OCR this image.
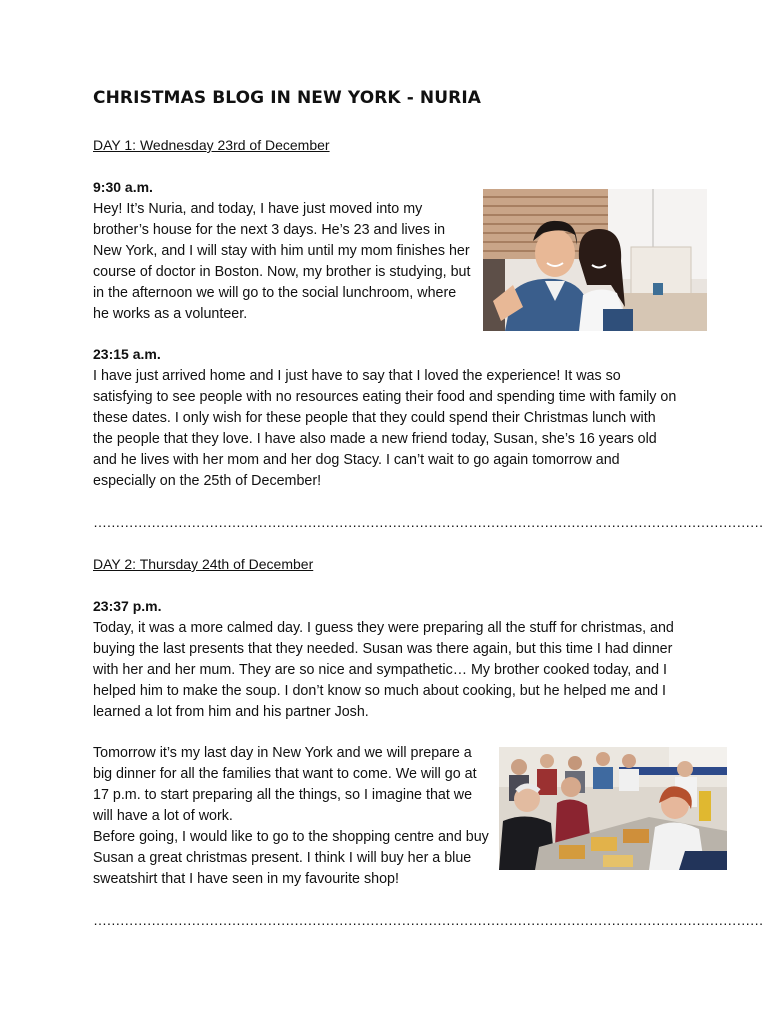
CHRISTMAS BLOG IN NEW YORK - NURIA
DAY 1: Wednesday 23rd of December
9:30 a.m.

Hey! It’s Nuria, and today, I have just moved into my brother’s house for the next 3 days. He’s 23 and lives in New York, and I will stay with him until my mom finishes her course of doctor in Boston. Now, my brother is studying, but in the afternoon we will go to the social lunchroom, where he works as a volunteer.

23:15 a.m.

I have just arrived home and I just have to say that I loved the experience! It was so satisfying to see people with no resources eating their food and spending time with family on these dates. I only wish for these people that they could spend their Christmas lunch with the people that they love. I have also made a new friend today, Susan, she’s 16 years old and he lives with her mom and her dog Stacy. I can’t wait to go again tomorrow and especially on the 25th of December!

……………………………………………………………………………………………………………………………………
DAY 2: Thursday 24th of December
23:37 p.m.

Today, it was a more calmed day. I guess they were preparing all the stuff for christmas, and buying the last presents that they needed. Susan was there again, but this time I had dinner with her and her mum. They are so nice and sympathetic… My brother cooked today, and I helped him to make the soup. I don’t know so much about cooking, but he helped me and I learned a lot from him and his partner Josh.

Tomorrow it’s my last day in New York and we will prepare a big dinner for all the families that want to come. We will go at 17 p.m. to start preparing all the things, so I imagine that we will have a lot of work.

Before going, I would like to go to the shopping centre and buy Susan a great christmas present. I think I will buy her a blue sweatshirt that I have seen in my favourite shop!

……………………………………………………………………………………………………………………………………
